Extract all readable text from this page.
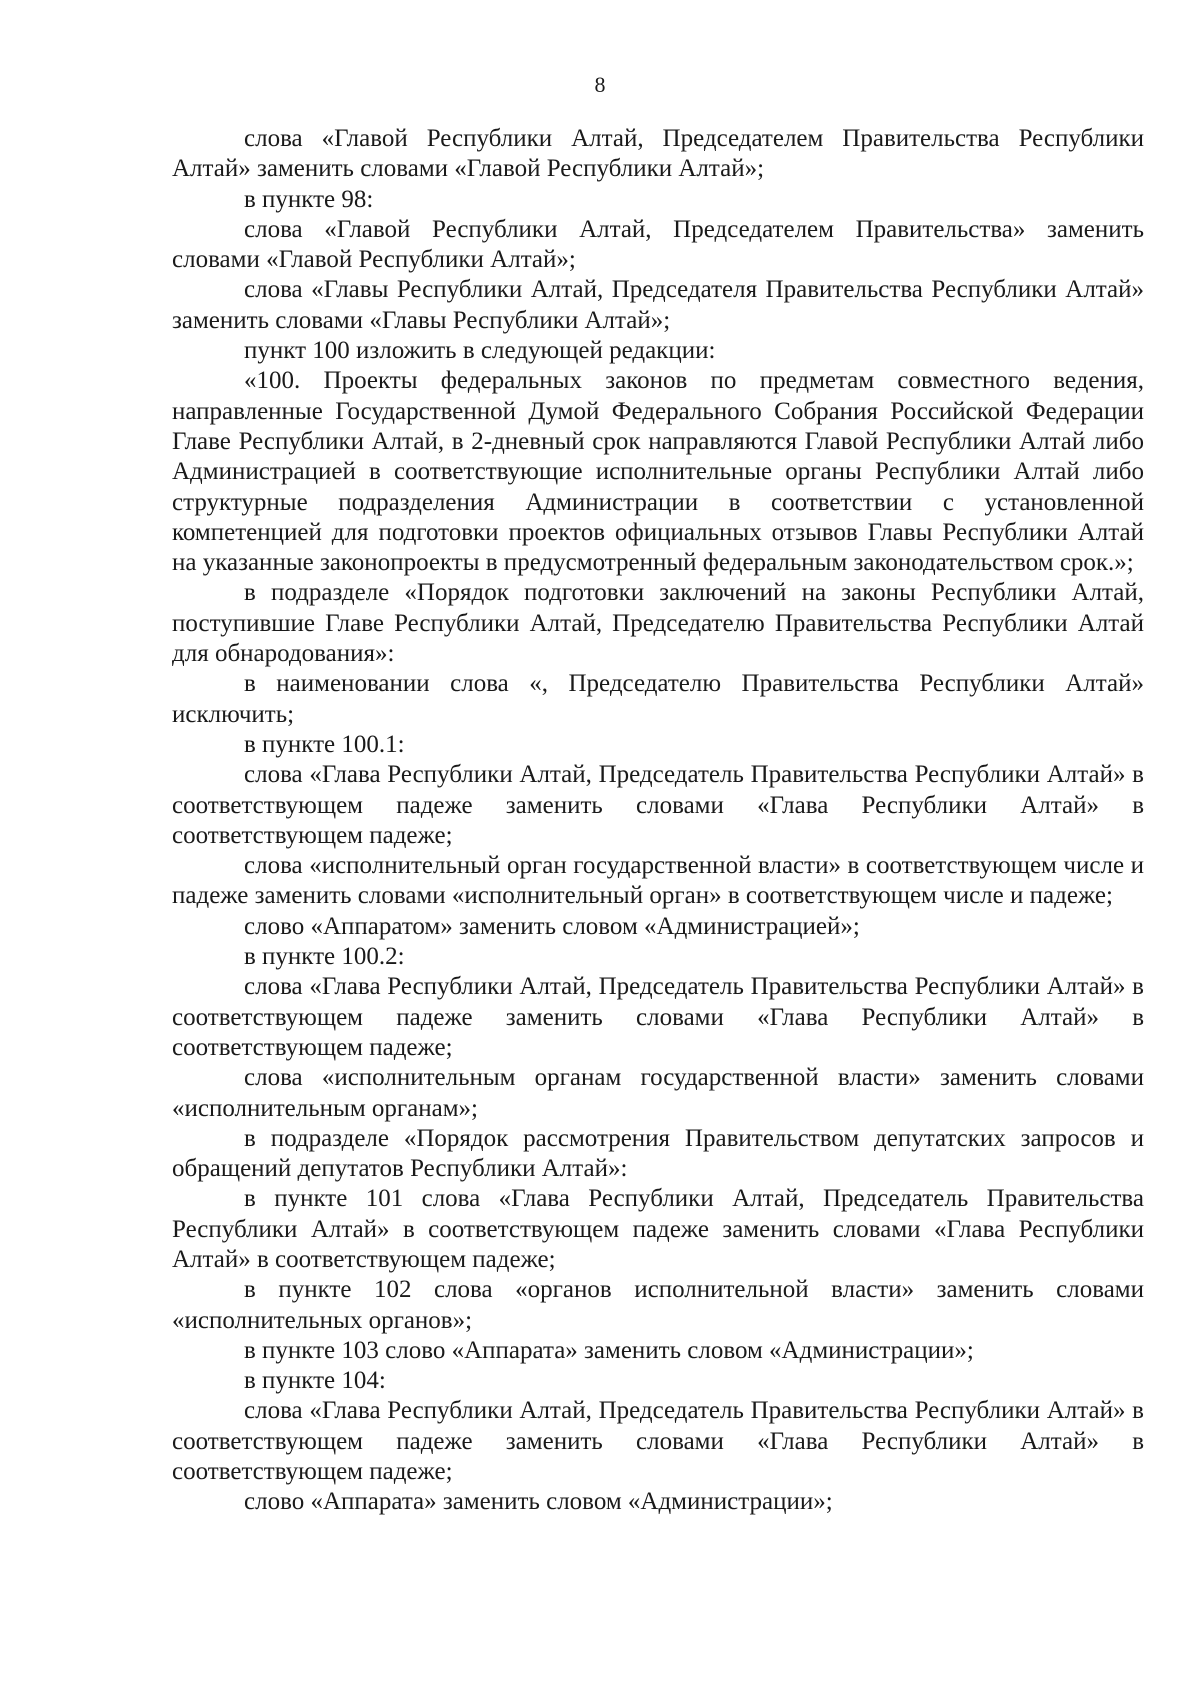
8

слова «Главой Республики Алтай, Председателем Правительства Республики Алтай» заменить словами «Главой Республики Алтай»;

в пункте 98:

слова «Главой Республики Алтай, Председателем Правительства» заменить словами «Главой Республики Алтай»;

слова «Главы Республики Алтай, Председателя Правительства Республики Алтай» заменить словами «Главы Республики Алтай»;

пункт 100 изложить в следующей редакции:

«100. Проекты федеральных законов по предметам совместного ведения, направленные Государственной Думой Федерального Собрания Российской Федерации Главе Республики Алтай, в 2-дневный срок направляются Главой Республики Алтай либо Администрацией в соответствующие исполнительные органы Республики Алтай либо структурные подразделения Администрации в соответствии с установленной компетенцией для подготовки проектов официальных отзывов Главы Республики Алтай на указанные законопроекты в предусмотренный федеральным законодательством срок.»;

в подразделе «Порядок подготовки заключений на законы Республики Алтай, поступившие Главе Республики Алтай, Председателю Правительства Республики Алтай для обнародования»:

в наименовании слова «, Председателю Правительства Республики Алтай» исключить;

в пункте 100.1:

слова «Глава Республики Алтай, Председатель Правительства Республики Алтай» в соответствующем падеже заменить словами «Глава Республики Алтай» в соответствующем падеже;

слова «исполнительный орган государственной власти» в соответствующем числе и падеже заменить словами «исполнительный орган» в соответствующем числе и падеже;

слово «Аппаратом» заменить словом «Администрацией»;

в пункте 100.2:

слова «Глава Республики Алтай, Председатель Правительства Республики Алтай» в соответствующем падеже заменить словами «Глава Республики Алтай» в соответствующем падеже;

слова «исполнительным органам государственной власти» заменить словами «исполнительным органам»;

в подразделе «Порядок рассмотрения Правительством депутатских запросов и обращений депутатов Республики Алтай»:

в пункте 101 слова «Глава Республики Алтай, Председатель Правительства Республики Алтай» в соответствующем падеже заменить словами «Глава Республики Алтай» в соответствующем падеже;

в пункте 102 слова «органов исполнительной власти» заменить словами «исполнительных органов»;

в пункте 103 слово «Аппарата» заменить словом «Администрации»;

в пункте 104:

слова «Глава Республики Алтай, Председатель Правительства Республики Алтай» в соответствующем падеже заменить словами «Глава Республики Алтай» в соответствующем падеже;

слово «Аппарата» заменить словом «Администрации»;
